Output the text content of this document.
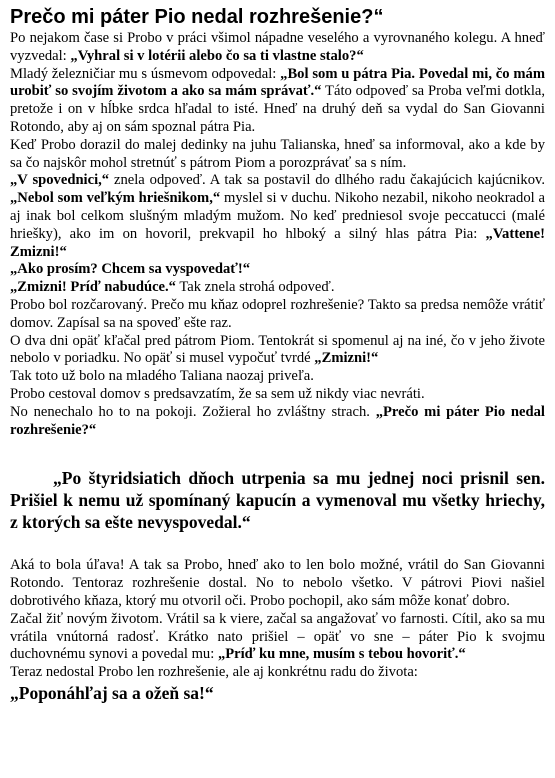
Prečo mi páter Pio nedal rozhrešenie?“

Po nejakom čase si Probo v práci všimol nápadne veselého a vyrovnaného kolegu. A hneď vyzvedal: „Vyhral si v lotérii alebo čo sa ti vlastne stalo?“

Mladý železničiar mu s úsmevom odpovedal: „Bol som u pátra Pia. Povedal mi, čo mám urobiť so svojím životom a ako sa mám správať.“ Táto odpoveď sa Proba veľmi dotkla, pretože i on v hĺbke srdca hľadal to isté. Hneď na druhý deň sa vydal do San Giovanni Rotondo, aby aj on sám spoznal pátra Pia.

Keď Probo dorazil do malej dedinky na juhu Talianska, hneď sa informoval, ako a kde by sa čo najskôr mohol stretnúť s pátrom Piom a porozprávať sa s ním.

„V spovednici,“ znela odpoveď. A tak sa postavil do dlhého radu čakajúcich kajúcnikov. „Nebol som veľkým hriešnikom,“ myslel si v duchu. Nikoho nezabil, nikoho neokradol a aj inak bol celkom slušným mladým mužom. No keď predniesol svoje peccatucci (malé hriešky), ako im on hovoril, prekvapil ho hlboký a silný hlas pátra Pia: „Vattene! Zmizni!“

„Ako prosím? Chcem sa vyspovedať!“

„Zmizni! Príď nabudúce.“ Tak znela strohá odpoveď.

Probo bol rozčarovaný. Prečo mu kňaz odoprel rozhrešenie? Takto sa predsa nemôže vrátiť domov. Zapísal sa na spoveď ešte raz.

O dva dni opäť kľačal pred pátrom Piom. Tentokrát si spomenul aj na iné, čo v jeho živote nebolo v poriadku. No opäť si musel vypočuť tvrdé „Zmizni!“

Tak toto už bolo na mladého Taliana naozaj priveľa.

Probo cestoval domov s predsavzatím, že sa sem už nikdy viac nevráti.

No nenechalo ho to na pokoji. Zožieral ho zvláštny strach. „Prečo mi páter Pio nedal rozhrešenie?“

„Po štyridsiatich dňoch utrpenia sa mu jednej noci prisnil sen. Prišiel k nemu už spomínaný kapucín a vymenoval mu všetky hriechy, z ktorých sa ešte nevyspovedal.“

Aká to bola úľava! A tak sa Probo, hneď ako to len bolo možné, vrátil do San Giovanni Rotondo. Tentoraz rozhrešenie dostal. No to nebolo všetko. V pátrovi Piovi našiel dobrotivého kňaza, ktorý mu otvoril oči. Probo pochopil, ako sám môže konať dobro.

Začal žiť novým životom. Vrátil sa k viere, začal sa angažovať vo farnosti. Cítil, ako sa mu vrátila vnútorná radosť. Krátko nato prišiel – opäť vo sne – páter Pio k svojmu duchovnému synovi a povedal mu: „Príď ku mne, musím s tebou hovoriť.“

Teraz nedostal Probo len rozhrešenie, ale aj konkrétnu radu do života:

„Poponáhľaj sa a ožeň sa!“
